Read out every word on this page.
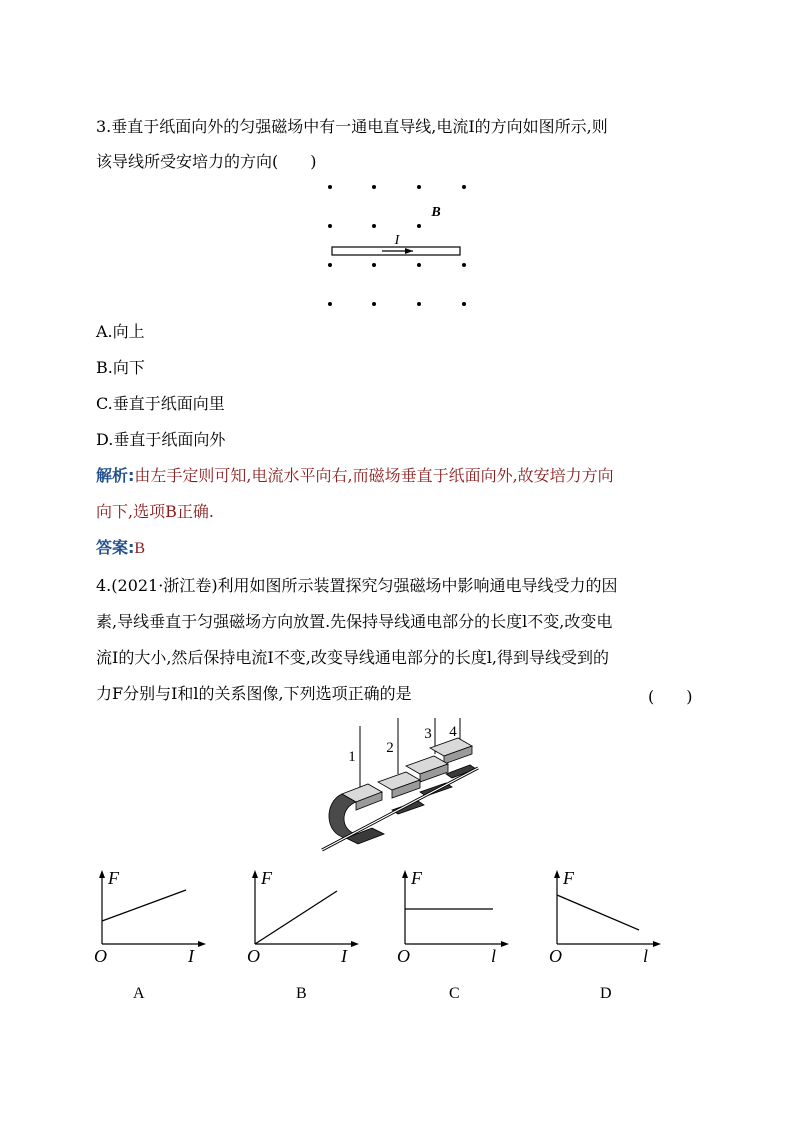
3.垂直于纸面向外的匀强磁场中有一通电直导线,电流I的方向如图所示,则
该导线所受安培力的方向(　　)
I
B
A.向上
B.向下
C.垂直于纸面向里
D.垂直于纸面向外
解析:由左手定则可知,电流水平向右,而磁场垂直于纸面向外,故安培力方向
向下,选项B正确.
答案:B
4.(2021·浙江卷)利用如图所示装置探究匀强磁场中影响通电导线受力的因
素,导线垂直于匀强磁场方向放置.先保持导线通电部分的长度l不变,改变电
流I的大小,然后保持电流I不变,改变导线通电部分的长度l,得到导线受到的
力F分别与I和l的关系图像,下列选项正确的是	(　　)
1
2
3 4
F
O	I
A
F
O	I
B
F
O	l
C
F
O	l
D
